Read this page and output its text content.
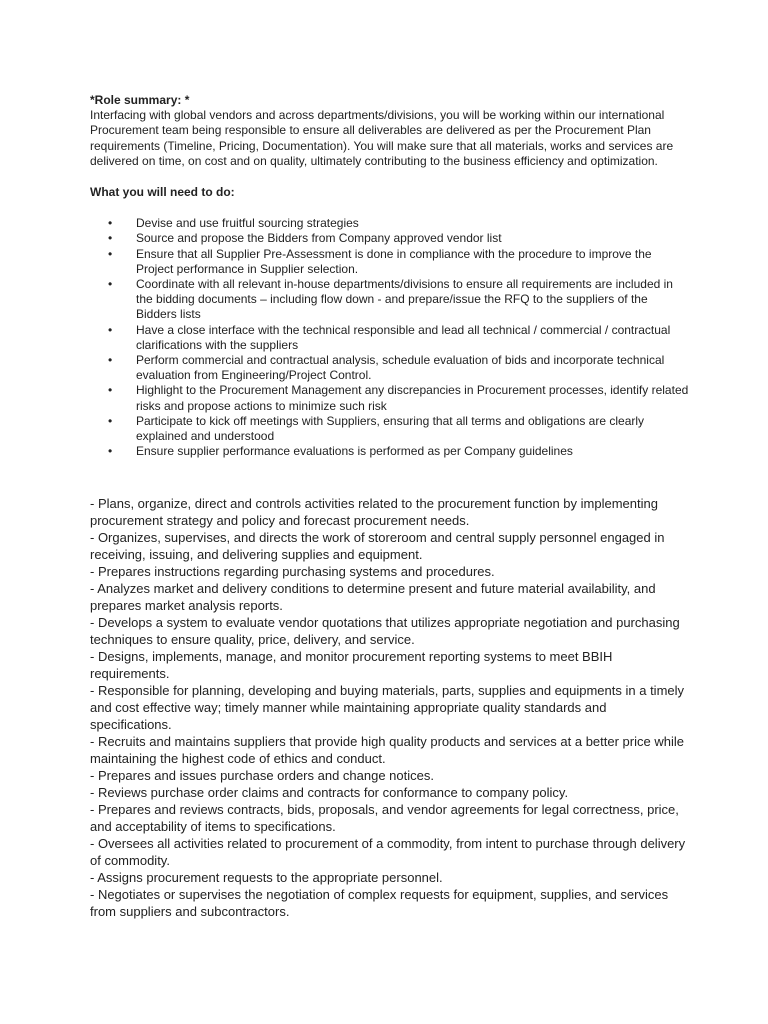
*Role summary: *

Interfacing with global vendors and across departments/divisions, you will be working within our international Procurement team being responsible to ensure all deliverables are delivered as per the Procurement Plan requirements (Timeline, Pricing, Documentation). You will make sure that all materials, works and services are delivered on time, on cost and on quality, ultimately contributing to the business efficiency and optimization.

What you will need to do:
• Devise and use fruitful sourcing strategies
• Source and propose the Bidders from Company approved vendor list
• Ensure that all Supplier Pre-Assessment is done in compliance with the procedure to improve the Project performance in Supplier selection.
• Coordinate with all relevant in-house departments/divisions to ensure all requirements are included in the bidding documents – including flow down - and prepare/issue the RFQ to the suppliers of the Bidders lists
• Have a close interface with the technical responsible and lead all technical / commercial / contractual clarifications with the suppliers
• Perform commercial and contractual analysis, schedule evaluation of bids and incorporate technical evaluation from Engineering/Project Control.
• Highlight to the Procurement Management any discrepancies in Procurement processes, identify related risks and propose actions to minimize such risk
• Participate to kick off meetings with Suppliers, ensuring that all terms and obligations are clearly explained and understood
• Ensure supplier performance evaluations is performed as per Company guidelines

- Plans, organize, direct and controls activities related to the procurement function by implementing procurement strategy and policy and forecast procurement needs.

- Organizes, supervises, and directs the work of storeroom and central supply personnel engaged in receiving, issuing, and delivering supplies and equipment.

- Prepares instructions regarding purchasing systems and procedures.

- Analyzes market and delivery conditions to determine present and future material availability, and prepares market analysis reports.

- Develops a system to evaluate vendor quotations that utilizes appropriate negotiation and purchasing techniques to ensure quality, price, delivery, and service.

- Designs, implements, manage, and monitor procurement reporting systems to meet BBIH requirements.

- Responsible for planning, developing and buying materials, parts, supplies and equipments in a timely and cost effective way; timely manner while maintaining appropriate quality standards and specifications.

- Recruits and maintains suppliers that provide high quality products and services at a better price while maintaining the highest code of ethics and conduct.

- Prepares and issues purchase orders and change notices.

- Reviews purchase order claims and contracts for conformance to company policy.

- Prepares and reviews contracts, bids, proposals, and vendor agreements for legal correctness, price, and acceptability of items to specifications.

- Oversees all activities related to procurement of a commodity, from intent to purchase through delivery of commodity.

- Assigns procurement requests to the appropriate personnel.

- Negotiates or supervises the negotiation of complex requests for equipment, supplies, and services from suppliers and subcontractors.
